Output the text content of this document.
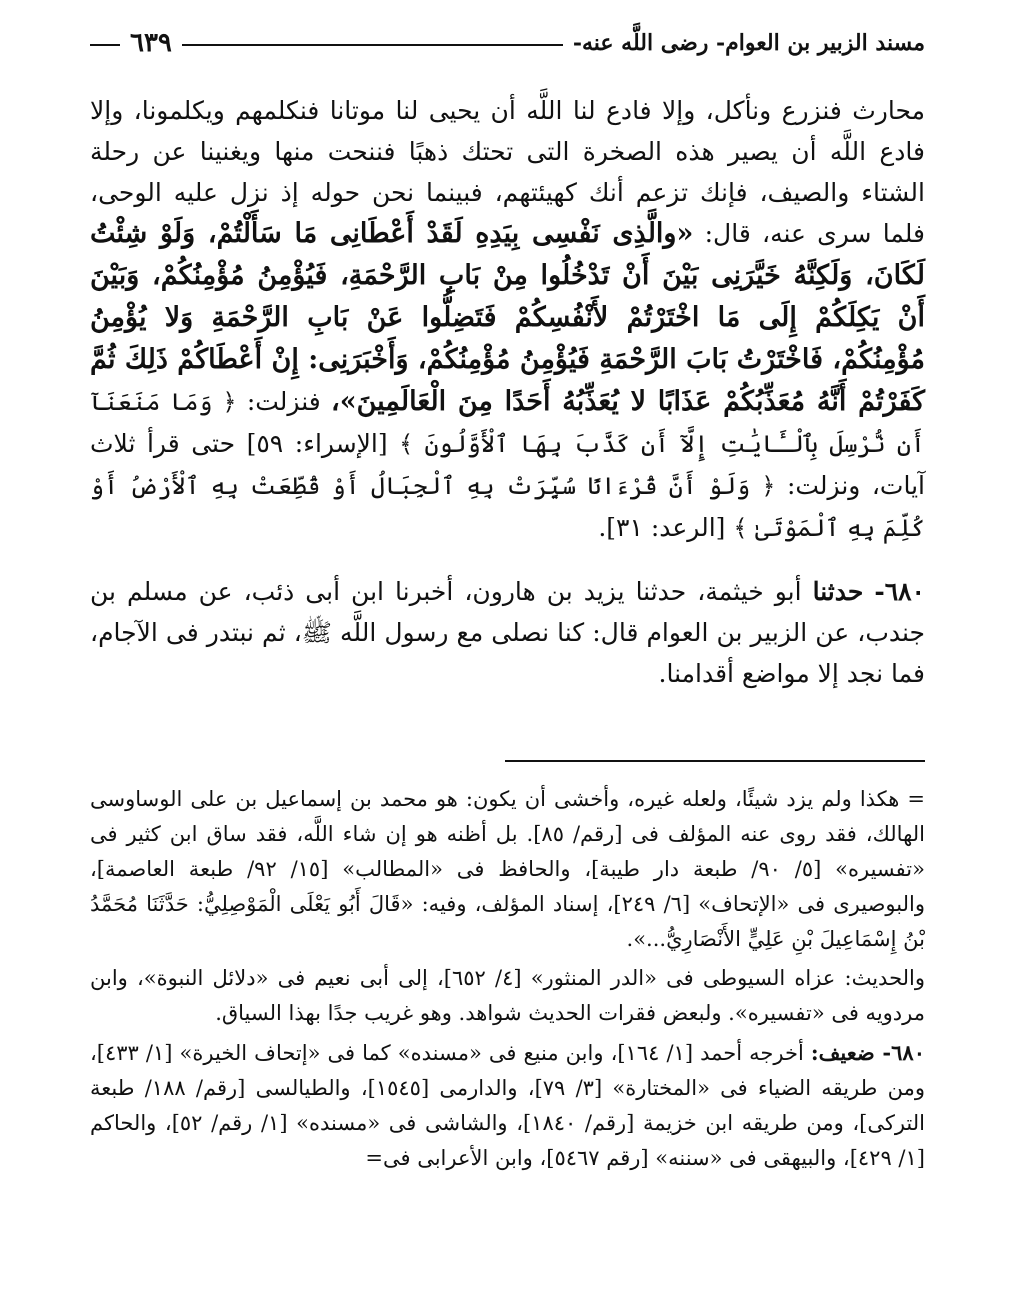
مسند الزبير بن العوام- رضى اللَّه عنه-
٦٣٩

محارث فنزرع ونأكل، وإلا فادع لنا اللَّه أن يحيى لنا موتانا فنكلمهم ويكلمونا، وإلا فادع اللَّه أن يصير هذه الصخرة التى تحتك ذهبًا فننحت منها ويغنينا عن رحلة الشتاء والصيف، فإنك تزعم أنك كهيئتهم، فبينما نحن حوله إذ نزل عليه الوحى، فلما سرى عنه، قال: «والَّذِى نَفْسِى بِيَدِهِ لَقَدْ أَعْطَانِى مَا سَأَلْتُمْ، وَلَوْ شِئْتُ لَكَانَ، وَلَكِنَّهُ خَيَّرَنِى بَيْنَ أَنْ تَدْخُلُوا مِنْ بَابِ الرَّحْمَةِ، فَيُؤْمِنُ مُؤْمِنُكُمْ، وَبَيْنَ أَنْ يَكِلَكُمْ إِلَى مَا اخْتَرْتُمْ لأَنْفُسِكُمْ فَتَضِلُّوا عَنْ بَابِ الرَّحْمَةِ وَلا يُؤْمِنُ مُؤْمِنُكُمْ، فَاخْتَرْتُ بَابَ الرَّحْمَةِ فَيُؤْمِنُ مُؤْمِنُكُمْ، وَأَخْبَرَنِى: إِنْ أَعْطَاكُمْ ذَلِكَ ثُمَّ كَفَرْتُمْ أَنَّهُ مُعَذِّبُكُمْ عَذَابًا لا يُعَذِّبُهُ أَحَدًا مِنَ الْعَالَمِينَ»، فنزلت: ﴿ وَمَا مَنَعَنَآ أَن نُّرْسِلَ بِٱلْـَٔايَٰتِ إِلَّآ أَن كَذَّبَ بِهَا ٱلْأَوَّلُونَ ﴾ [الإسراء: ٥٩] حتى قرأ ثلاث آيات، ونزلت: ﴿ وَلَوْ أَنَّ قُرْءَانًا سُيِّرَتْ بِهِ ٱلْجِبَالُ أَوْ قُطِّعَتْ بِهِ ٱلْأَرْضُ أَوْ كُلِّمَ بِهِ ٱلْمَوْتَىٰ ﴾ [الرعد: ٣١].

٦٨٠- حدثنا أبو خيثمة، حدثنا يزيد بن هارون، أخبرنا ابن أبى ذئب، عن مسلم بن جندب، عن الزبير بن العوام قال: كنا نصلى مع رسول اللَّه ﷺ، ثم نبتدر فى الآجام، فما نجد إلا مواضع أقدامنا.

= هكذا ولم يزد شيئًا، ولعله غيره، وأخشى أن يكون: هو محمد بن إسماعيل بن على الوساوسى الهالك، فقد روى عنه المؤلف فى [رقم/ ٨٥]. بل أظنه هو إن شاء اللَّه، فقد ساق ابن كثير فى «تفسيره» [٥/ ٩٠/ طبعة دار طيبة]، والحافظ فى «المطالب» [١٥/ ٩٢/ طبعة العاصمة]، والبوصيرى فى «الإتحاف» [٦/ ٢٤٩]، إسناد المؤلف، وفيه: «قَالَ أَبُو يَعْلَى الْمَوْصِلِيُّ: حَدَّثَنَا مُحَمَّدُ بْنُ إِسْمَاعِيلَ بْنِ عَلِيٍّ الأَنْصَارِيُّ...».

والحديث: عزاه السيوطى فى «الدر المنثور» [٤/ ٦٥٢]، إلى أبى نعيم فى «دلائل النبوة»، وابن مردويه فى «تفسيره». ولبعض فقرات الحديث شواهد. وهو غريب جدًا بهذا السياق.

٦٨٠- ضعيف: أخرجه أحمد [١/ ١٦٤]، وابن منيع فى «مسنده» كما فى «إتحاف الخيرة» [١/ ٤٣٣]، ومن طريقه الضياء فى «المختارة» [٣/ ٧٩]، والدارمى [١٥٤٥]، والطيالسى [رقم/ ١٨٨/ طبعة التركى]، ومن طريقه ابن خزيمة [رقم/ ١٨٤٠]، والشاشى فى «مسنده» [١/ رقم/ ٥٢]، والحاكم [١/ ٤٢٩]، والبيهقى فى «سننه» [رقم ٥٤٦٧]، وابن الأعرابى فى=
